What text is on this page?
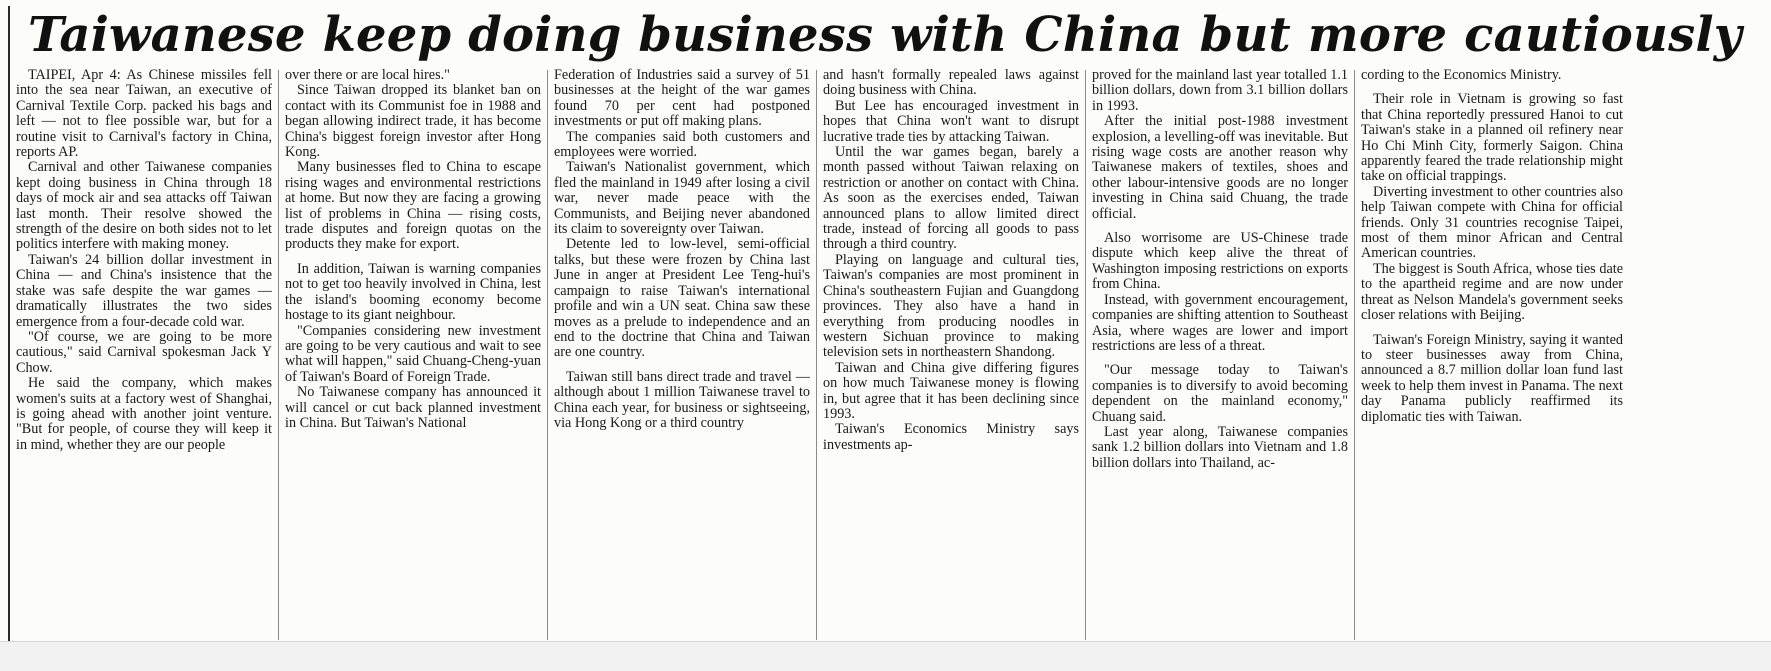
Taiwanese keep doing business with China but more cautiously

TAIPEI, Apr 4: As Chinese missiles fell into the sea near Taiwan, an executive of Carnival Textile Corp. packed his bags and left — not to flee possible war, but for a routine visit to Carnival's factory in China, reports AP.

Carnival and other Taiwanese companies kept doing business in China through 18 days of mock air and sea attacks off Taiwan last month. Their resolve showed the strength of the desire on both sides not to let politics interfere with making money.

Taiwan's 24 billion dollar investment in China — and China's insistence that the stake was safe despite the war games —dramatically illustrates the two sides emergence from a four-decade cold war.

"Of course, we are going to be more cautious," said Carnival spokesman Jack Y Chow.

He said the company, which makes women's suits at a factory west of Shanghai, is going ahead with another joint venture. "But for people, of course they will keep it in mind, whether they are our people

over there or are local hires."

Since Taiwan dropped its blanket ban on contact with its Communist foe in 1988 and began allowing indirect trade, it has become China's biggest foreign investor after Hong Kong.

Many businesses fled to China to escape rising wages and environmental restrictions at home. But now they are facing a growing list of problems in China — rising costs, trade disputes and foreign quotas on the products they make for export.

In addition, Taiwan is warning companies not to get too heavily involved in China, lest the island's booming economy become hostage to its giant neighbour.

"Companies considering new investment are going to be very cautious and wait to see what will happen," said Chuang-Cheng-yuan of Taiwan's Board of Foreign Trade.

No Taiwanese company has announced it will cancel or cut back planned investment in China. But Taiwan's National

Federation of Industries said a survey of 51 businesses at the height of the war games found 70 per cent had postponed investments or put off making plans.

The companies said both customers and employees were worried.

Taiwan's Nationalist government, which fled the mainland in 1949 after losing a civil war, never made peace with the Communists, and Beijing never abandoned its claim to sovereignty over Taiwan.

Detente led to low-level, semi-official talks, but these were frozen by China last June in anger at President Lee Teng-hui's campaign to raise Taiwan's international profile and win a UN seat. China saw these moves as a prelude to independence and an end to the doctrine that China and Taiwan are one country.

Taiwan still bans direct trade and travel — although about 1 million Taiwanese travel to China each year, for business or sightseeing, via Hong Kong or a third country

and hasn't formally repealed laws against doing business with China.

But Lee has encouraged investment in hopes that China won't want to disrupt lucrative trade ties by attacking Taiwan.

Until the war games began, barely a month passed without Taiwan relaxing on restriction or another on contact with China. As soon as the exercises ended, Taiwan announced plans to allow limited direct trade, instead of forcing all goods to pass through a third country.

Playing on language and cultural ties, Taiwan's companies are most prominent in China's southeastern Fujian and Guangdong provinces. They also have a hand in everything from producing noodles in western Sichuan province to making television sets in northeastern Shandong.

Taiwan and China give differing figures on how much Taiwanese money is flowing in, but agree that it has been declining since 1993.

Taiwan's Economics Ministry says investments ap-

proved for the mainland last year totalled 1.1 billion dollars, down from 3.1 billion dollars in 1993.

After the initial post-1988 investment explosion, a levelling-off was inevitable. But rising wage costs are another reason why Taiwanese makers of textiles, shoes and other labour-intensive goods are no longer investing in China said Chuang, the trade official.

Also worrisome are US-Chinese trade dispute which keep alive the threat of Washington imposing restrictions on exports from China.

Instead, with government encouragement, companies are shifting attention to Southeast Asia, where wages are lower and import restrictions are less of a threat.

"Our message today to Taiwan's companies is to diversify to avoid becoming dependent on the mainland economy," Chuang said.

Last year along, Taiwanese companies sank 1.2 billion dollars into Vietnam and 1.8 billion dollars into Thailand, ac-

cording to the Economics Ministry.

Their role in Vietnam is growing so fast that China reportedly pressured Hanoi to cut Taiwan's stake in a planned oil refinery near Ho Chi Minh City, formerly Saigon. China apparently feared the trade relationship might take on official trappings.

Diverting investment to other countries also help Taiwan compete with China for official friends. Only 31 countries recognise Taipei, most of them minor African and Central American countries.

The biggest is South Africa, whose ties date to the apartheid regime and are now under threat as Nelson Mandela's government seeks closer relations with Beijing.

Taiwan's Foreign Ministry, saying it wanted to steer businesses away from China, announced a 8.7 million dollar loan fund last week to help them invest in Panama. The next day Panama publicly reaffirmed its diplomatic ties with Taiwan.
